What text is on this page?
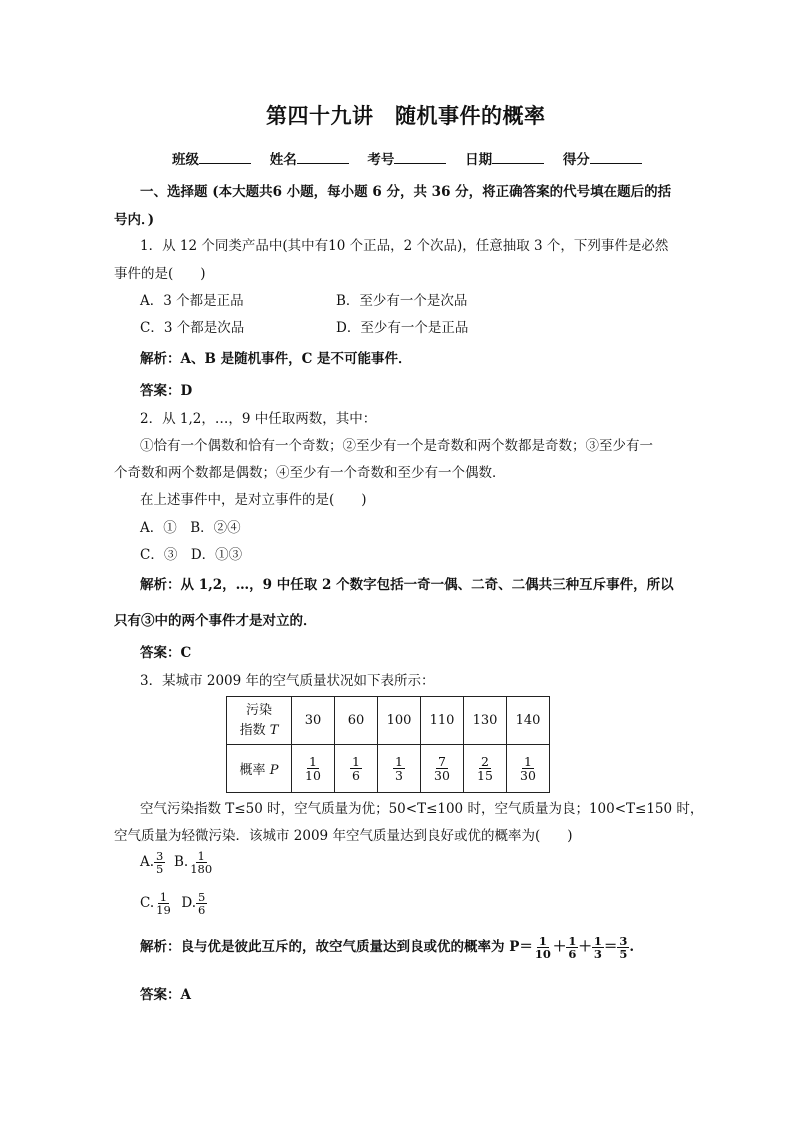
第四十九讲　随机事件的概率
班级	姓名	考号	日期	得分
一、选择题 (本大题共6 小题，每小题 6 分，共 36 分，将正确答案的代号填在题后的括
号内．)
1．从 12 个同类产品中(其中有10 个正品，2 个次品)，任意抽取 3 个，下列事件是必然
事件的是(　　)
A．3 个都是正品	B．至少有一个是次品
C．3 个都是次品	D．至少有一个是正品
解析：A、B 是随机事件，C 是不可能事件．
答案：D
2．从 1,2，…，9 中任取两数，其中：
①恰有一个偶数和恰有一个奇数；②至少有一个是奇数和两个数都是奇数；③至少有一
个奇数和两个数都是偶数；④至少有一个奇数和至少有一个偶数．
在上述事件中，是对立事件的是(　　)
A．①　B．②④
C．③　D．①③
解析：从 1,2，…，9 中任取 2 个数字包括一奇一偶、二奇、二偶共三种互斥事件，所以
只有③中的两个事件才是对立的．
答案：C
3．某城市 2009 年的空气质量状况如下表所示：
污染
指数 T	30	60	100	110	130	140
概率 P	$\frac{1}{10}$	$\frac{1}{6}$	$\frac{1}{3}$	$\frac{7}{30}$	$\frac{2}{15}$	$\frac{1}{30}$
空气污染指数 T≤50 时，空气质量为优；50<T≤100 时，空气质量为良；100<T≤150 时，
空气质量为轻微污染．该城市 2009 年空气质量达到良好或优的概率为(　　)
A. $\frac{3}{5} B$. $\frac{1}{180}$
C. $\frac{1}{19} D$. $\frac{5}{6}$
解析：良与优是彼此互斥的，故空气质量达到良或优的概率为 $P= \frac{1}{10} + \frac{1}{6} + \frac{1}{3} = \frac{3}{5}$ .
答案：A
